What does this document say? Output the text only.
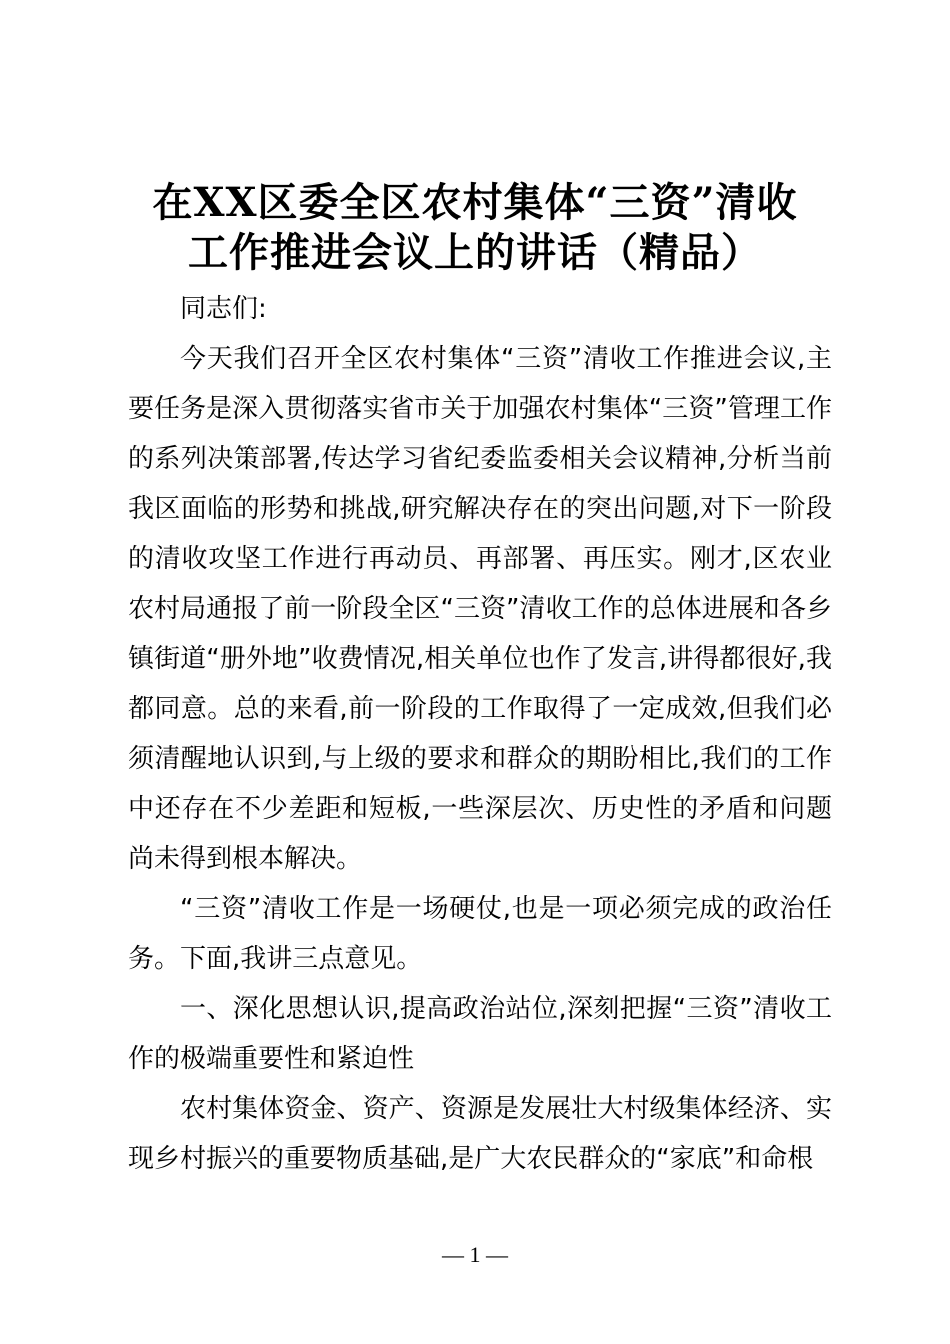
在XX区委全区农村集体“三资”清收
工作推进会议上的讲话（精品）

同志们:

今天我们召开全区农村集体“三资”清收工作推进会议,主要任务是深入贯彻落实省市关于加强农村集体“三资”管理工作的系列决策部署,传达学习省纪委监委相关会议精神,分析当前我区面临的形势和挑战,研究解决存在的突出问题,对下一阶段的清收攻坚工作进行再动员、再部署、再压实。刚才,区农业农村局通报了前一阶段全区“三资”清收工作的总体进展和各乡镇街道“册外地”收费情况,相关单位也作了发言,讲得都很好,我都同意。总的来看,前一阶段的工作取得了一定成效,但我们必须清醒地认识到,与上级的要求和群众的期盼相比,我们的工作中还存在不少差距和短板,一些深层次、历史性的矛盾和问题尚未得到根本解决。

“三资”清收工作是一场硬仗,也是一项必须完成的政治任务。下面,我讲三点意见。

一、深化思想认识,提高政治站位,深刻把握“三资”清收工作的极端重要性和紧迫性

农村集体资金、资产、资源是发展壮大村级集体经济、实现乡村振兴的重要物质基础,是广大农民群众的“家底”和命根

— 1 —
